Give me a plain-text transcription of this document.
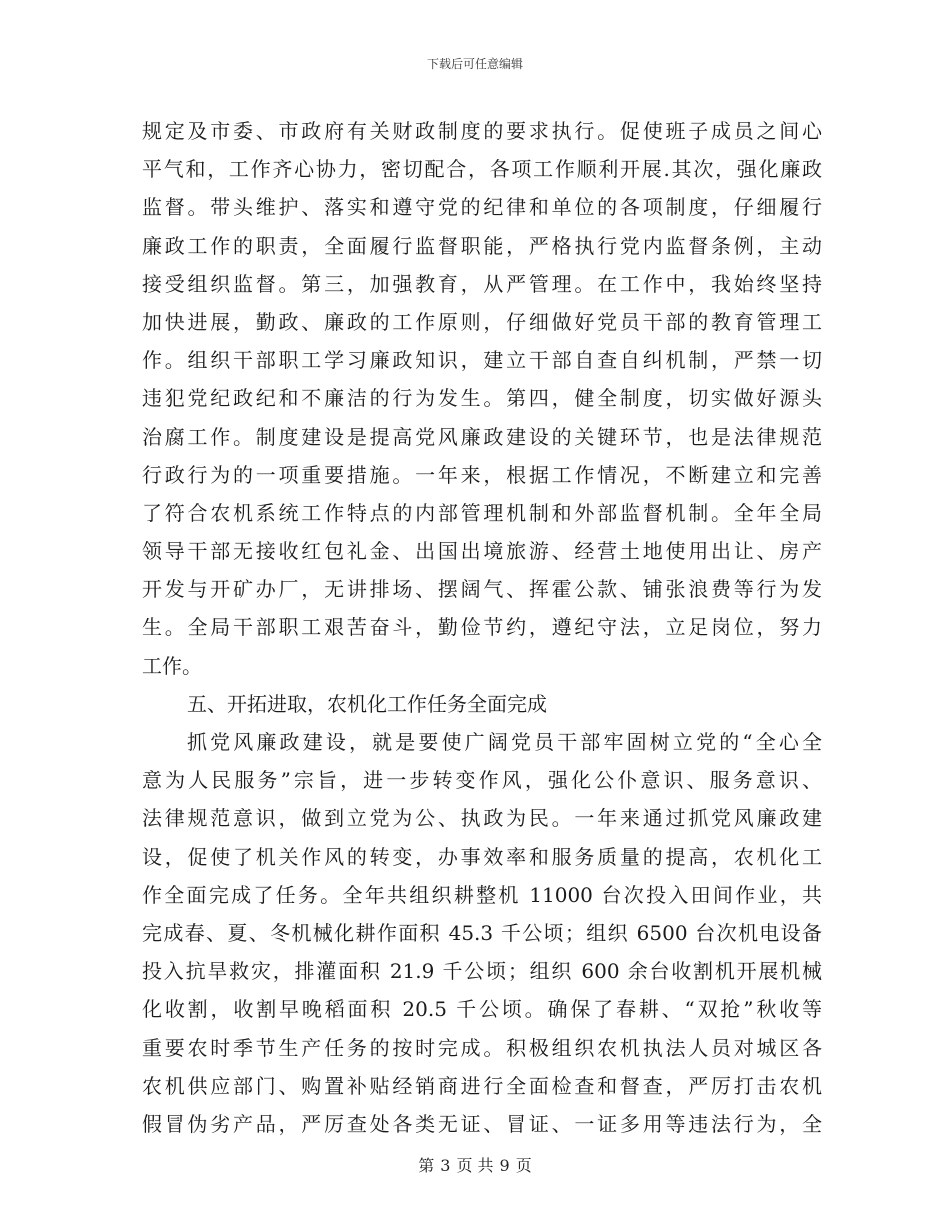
下载后可任意编辑
规定及市委、市政府有关财政制度的要求执行。促使班子成员之间心
平气和，工作齐心协力，密切配合，各项工作顺利开展.其次，强化廉政
监督。带头维护、落实和遵守党的纪律和单位的各项制度，仔细履行
廉政工作的职责，全面履行监督职能，严格执行党内监督条例，主动
接受组织监督。第三，加强教育，从严管理。在工作中，我始终坚持
加快进展，勤政、廉政的工作原则，仔细做好党员干部的教育管理工
作。组织干部职工学习廉政知识，建立干部自查自纠机制，严禁一切
违犯党纪政纪和不廉洁的行为发生。第四，健全制度，切实做好源头
治腐工作。制度建设是提高党风廉政建设的关键环节，也是法律规范
行政行为的一项重要措施。一年来，根据工作情况，不断建立和完善
了符合农机系统工作特点的内部管理机制和外部监督机制。全年全局
领导干部无接收红包礼金、出国出境旅游、经营土地使用出让、房产
开发与开矿办厂，无讲排场、摆阔气、挥霍公款、铺张浪费等行为发
生。全局干部职工艰苦奋斗，勤俭节约，遵纪守法，立足岗位，努力
工作。
五、开拓进取，农机化工作任务全面完成
抓党风廉政建设，就是要使广阔党员干部牢固树立党的“全心全
意为人民服务”宗旨，进一步转变作风，强化公仆意识、服务意识、
法律规范意识，做到立党为公、执政为民。一年来通过抓党风廉政建
设，促使了机关作风的转变，办事效率和服务质量的提高，农机化工
作全面完成了任务。全年共组织耕整机 11000 台次投入田间作业，共
完成春、夏、冬机械化耕作面积 45.3 千公顷；组织 6500 台次机电设备
投入抗旱救灾，排灌面积 21.9 千公顷；组织 600 余台收割机开展机械
化收割，收割早晚稻面积 20.5 千公顷。确保了春耕、“双抢”秋收等
重要农时季节生产任务的按时完成。积极组织农机执法人员对城区各
农机供应部门、购置补贴经销商进行全面检查和督查，严厉打击农机
假冒伪劣产品，严厉查处各类无证、冒证、一证多用等违法行为，全
第 3 页 共 9 页
